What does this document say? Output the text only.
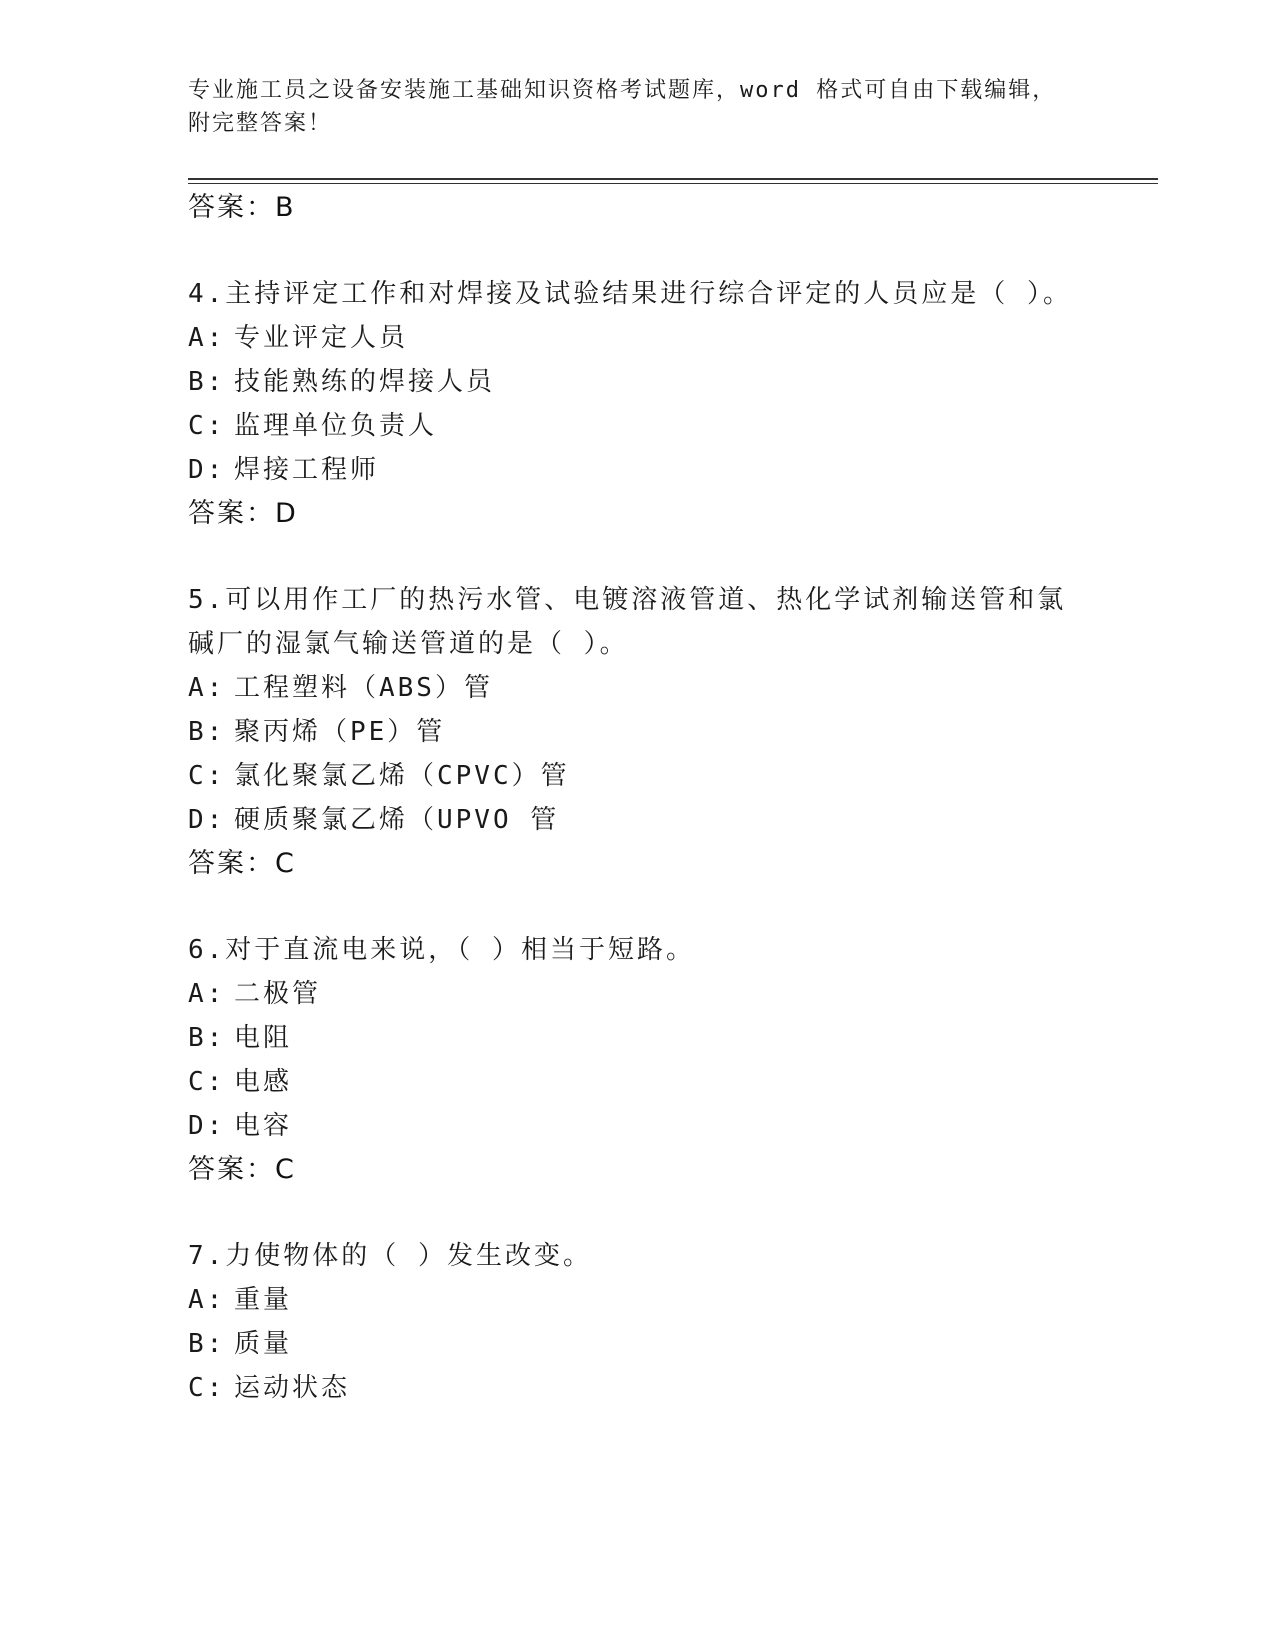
专业施工员之设备安装施工基础知识资格考试题库，word 格式可自由下载编辑，
附完整答案！
答案：B
4.主持评定工作和对焊接及试验结果进行综合评定的人员应是（ ）。
A: 专业评定人员
B: 技能熟练的焊接人员
C: 监理单位负责人
D: 焊接工程师
答案：D
5.可以用作工厂的热污水管、电镀溶液管道、热化学试剂输送管和氯
碱厂的湿氯气输送管道的是（ ）。
A: 工程塑料（ABS）管
B: 聚丙烯（PE）管
C: 氯化聚氯乙烯（CPVC）管
D: 硬质聚氯乙烯（UPVO 管
答案：C
6.对于直流电来说，（ ）相当于短路。
A: 二极管
B: 电阻
C: 电感
D: 电容
答案：C
7.力使物体的（ ）发生改变。
A: 重量
B: 质量
C: 运动状态
